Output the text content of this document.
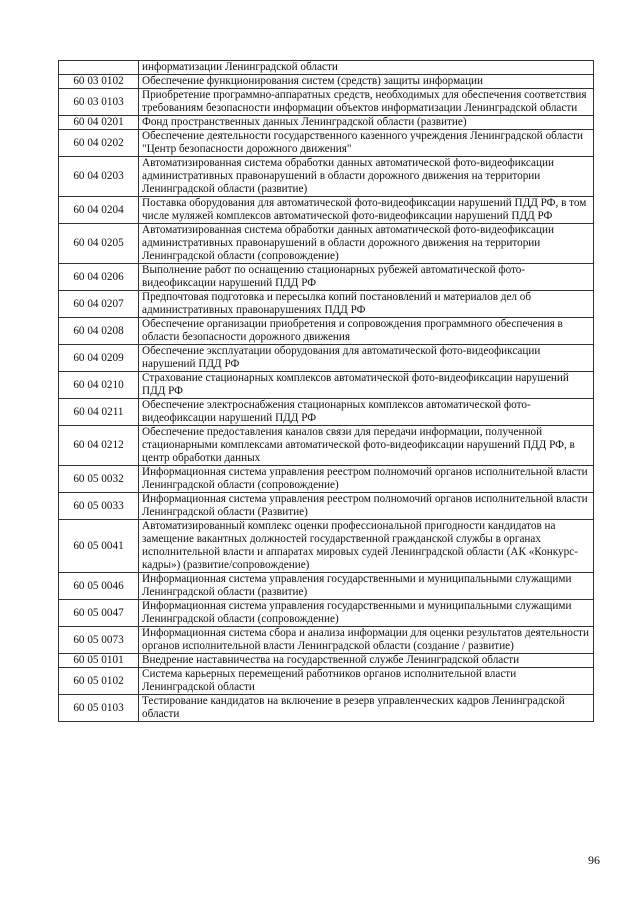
	информатизации Ленинградской области
60 03 0102	Обеспечение функционирования систем (средств) защиты информации
60 03 0103	Приобретение программно-аппаратных средств, необходимых для обеспечения соответствия требованиям безопасности информации объектов информатизации Ленинградской области
60 04 0201	Фонд пространственных данных Ленинградской области (развитие)
60 04 0202	Обеспечение деятельности государственного казенного учреждения Ленинградской области "Центр безопасности дорожного движения"
60 04 0203	Автоматизированная система обработки данных автоматической фото-видеофиксации административных правонарушений в области дорожного движения на территории Ленинградской области (развитие)
60 04 0204	Поставка оборудования для автоматической фото-видеофиксации нарушений ПДД РФ, в том числе муляжей комплексов автоматической фото-видеофиксации нарушений ПДД РФ
60 04 0205	Автоматизированная система обработки данных автоматической фото-видеофиксации административных правонарушений в области дорожного движения на территории Ленинградской области (сопровождение)
60 04 0206	Выполнение работ по оснащению стационарных рубежей автоматической фото-видеофиксации нарушений ПДД РФ
60 04 0207	Предпочтовая подготовка и пересылка копий постановлений и материалов дел об административных правонарушениях ПДД РФ
60 04 0208	Обеспечение организации приобретения и сопровождения программного обеспечения в области безопасности дорожного движения
60 04 0209	Обеспечение эксплуатации оборудования для автоматической фото-видеофиксации нарушений ПДД РФ
60 04 0210	Страхование стационарных комплексов автоматической фото-видеофиксации нарушений ПДД РФ
60 04 0211	Обеспечение электроснабжения стационарных комплексов автоматической фото-видеофиксации нарушений ПДД РФ
60 04 0212	Обеспечение предоставления каналов связи для передачи информации, полученной стационарными комплексами автоматической фото-видеофиксации нарушений ПДД РФ, в центр обработки данных
60 05 0032	Информационная система управления реестром полномочий органов исполнительной власти Ленинградской области (сопровождение)
60 05 0033	Информационная система управления реестром полномочий органов исполнительной власти Ленинградской области (Развитие)
60 05 0041	Автоматизированный комплекс оценки профессиональной пригодности кандидатов на замещение вакантных должностей государственной гражданской службы в органах исполнительной власти и аппаратах мировых судей Ленинградской области (АК «Конкурс-кадры») (развитие/сопровождение)
60 05 0046	Информационная система управления государственными и муниципальными служащими Ленинградской области (развитие)
60 05 0047	Информационная система управления государственными и муниципальными служащими Ленинградской области (сопровождение)
60 05 0073	Информационная система сбора и анализа информации для оценки результатов деятельности органов исполнительной власти Ленинградской области (создание / развитие)
60 05 0101	Внедрение наставничества на государственной службе Ленинградской области
60 05 0102	Система карьерных перемещений работников органов исполнительной власти Ленинградской области
60 05 0103	Тестирование кандидатов на включение в резерв управленческих кадров Ленинградской области
96
